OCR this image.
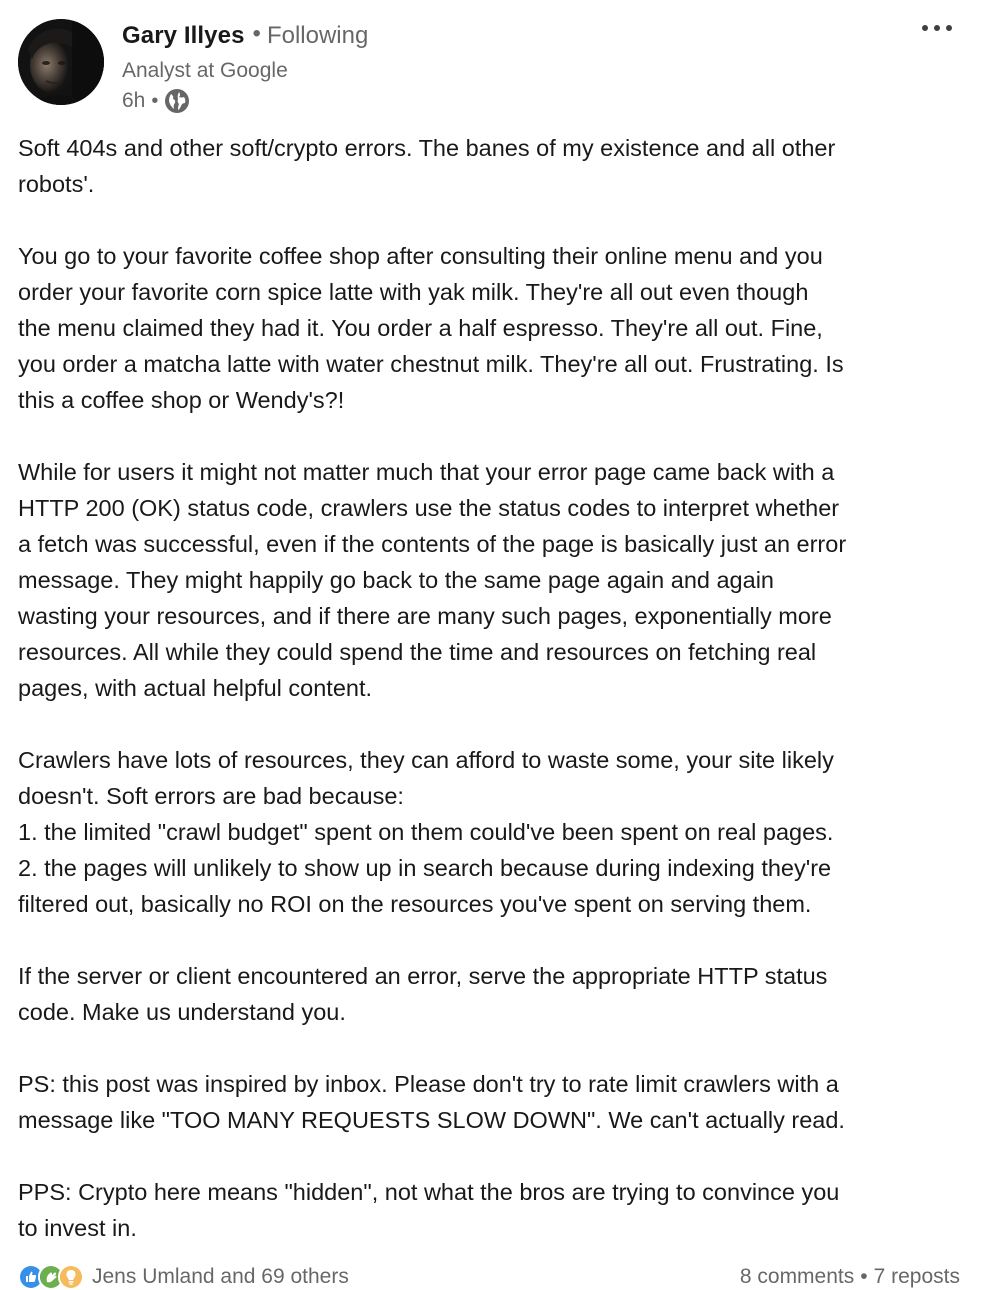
Gary Illyes • Following
Analyst at Google
6h •

Soft 404s and other soft/crypto errors. The banes of my existence and all other
robots'.

You go to your favorite coffee shop after consulting their online menu and you
order your favorite corn spice latte with yak milk. They're all out even though
the menu claimed they had it. You order a half espresso. They're all out. Fine,
you order a matcha latte with water chestnut milk. They're all out. Frustrating. Is
this a coffee shop or Wendy's?!

While for users it might not matter much that your error page came back with a
HTTP 200 (OK) status code, crawlers use the status codes to interpret whether
a fetch was successful, even if the contents of the page is basically just an error
message. They might happily go back to the same page again and again
wasting your resources, and if there are many such pages, exponentially more
resources. All while they could spend the time and resources on fetching real
pages, with actual helpful content.

Crawlers have lots of resources, they can afford to waste some, your site likely
doesn't. Soft errors are bad because:
1. the limited "crawl budget" spent on them could've been spent on real pages.
2. the pages will unlikely to show up in search because during indexing they're
filtered out, basically no ROI on the resources you've spent on serving them.

If the server or client encountered an error, serve the appropriate HTTP status
code. Make us understand you.

PS: this post was inspired by inbox. Please don't try to rate limit crawlers with a
message like "TOO MANY REQUESTS SLOW DOWN". We can't actually read.

PPS: Crypto here means "hidden", not what the bros are trying to convince you
to invest in.

Jens Umland and 69 others	8 comments • 7 reposts
